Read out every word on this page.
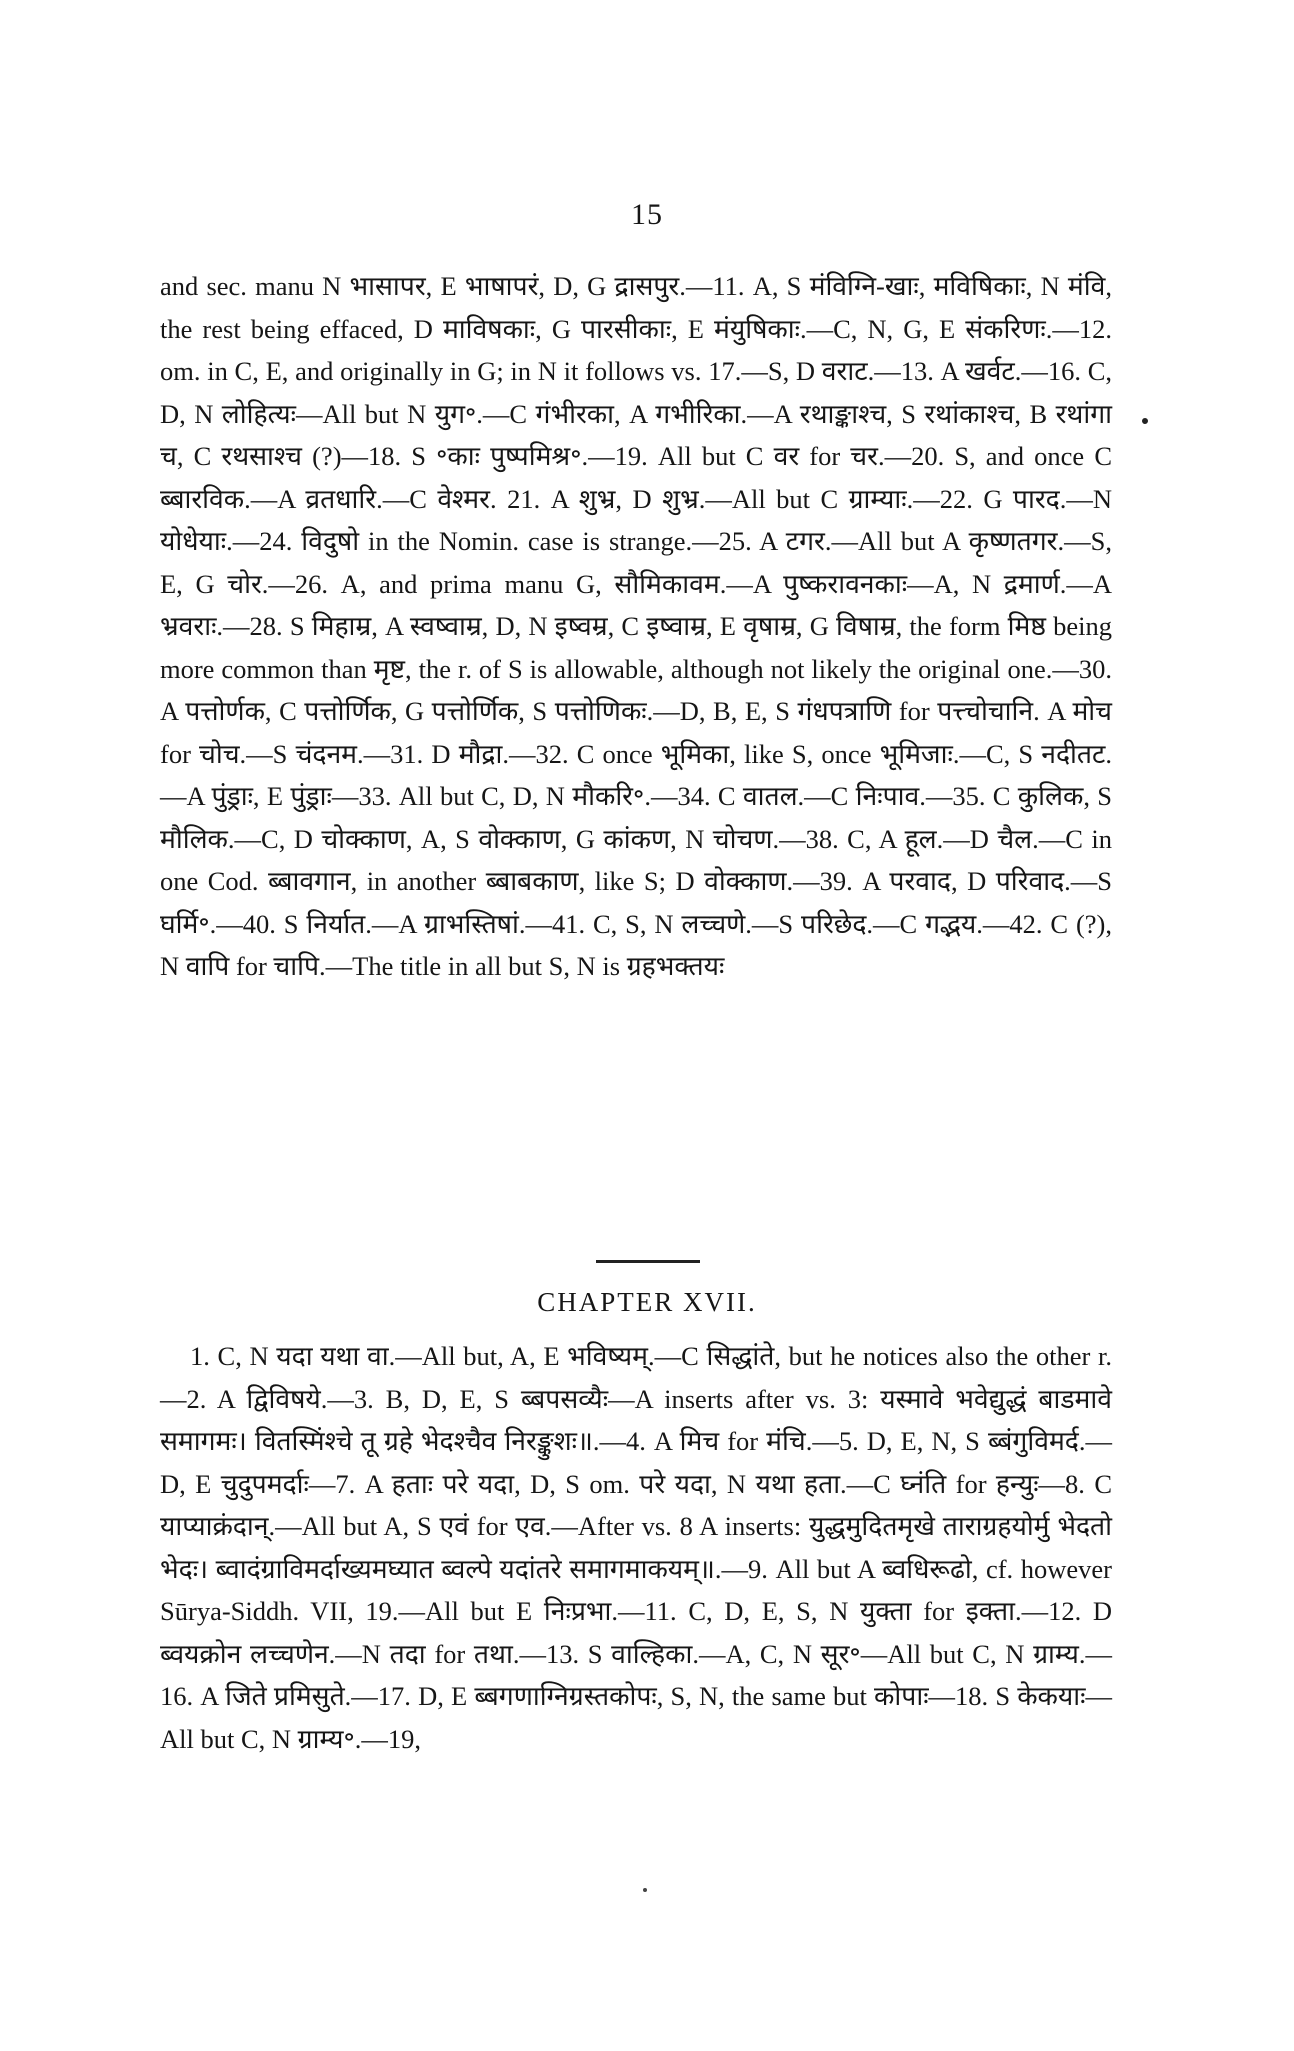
15

and sec. manu N भासापर, E भाषापरं, D, G द्रासपुर.—11. A, S मंविग्नि-खाः, मविषिकाः, N मंवि, the rest being effaced, D माविषकाः, G पारसीकाः, E मंयुषिकाः.—C, N, G, E संकरिणः.—12. om. in C, E, and originally in G; in N it follows vs. 17.—S, D वराट.—13. A खर्वट.—16. C, D, N लोहित्यः—All but N युग॰.—C गंभीरका, A गभीरिका.—A रथाङ्काश्च, S रथांकाश्च, B रथांगा च, C रथसाश्च (?)—18. S ॰काः पुष्पमिश्र॰.—19. All but C वर for चर.—20. S, and once C ब्बारविक.—A व्रतधारि.—C वेश्मर. 21. A शुभ्र, D शुभ्र.—All but C ग्राम्याः.—22. G पारद.—N योधेयाः.—24. विदुषो in the Nomin. case is strange.—25. A टगर.—All but A कृष्णतगर.—S, E, G चोर.—26. A, and prima manu G, सौमिकावम.—A पुष्करावनकाः—A, N द्रमार्ण.—A भ्रवराः.—28. S मिहाम्र, A स्वष्वाम्र, D, N इष्वम्र, C इष्वाम्र, E वृषाम्र, G विषाम्र, the form मिष्ठ being more common than मृष्ट, the r. of S is allowable, although not likely the original one.—30. A पत्तोर्णक, C पत्तोर्णिक, G पत्तोर्णिक, S पत्तोणिकः.—D, B, E, S गंधपत्राणि for पत्त्चोचानि. A मोच for चोच.—S चंदनम.—31. D मौद्रा.—32. C once भूमिका, like S, once भूमिजाः.—C, S नदीतट.—A पुंड्राः, E पुंड्राः—33. All but C, D, N मौकरि॰.—34. C वातल.—C निःपाव.—35. C कुलिक, S मौलिक.—C, D चोक्काण, A, S वोक्काण, G कांकण, N चोचण.—38. C, A हूल.—D चैल.—C in one Cod. ब्बावगान, in another ब्बाबकाण, like S; D वोक्काण.—39. A परवाद, D परिवाद.—S घर्मि॰.—40. S निर्यात.—A ग्राभस्तिषां.—41. C, S, N लच्चणे.—S परिछेद.—C गद्भय.—42. C (?), N वापि for चापि.—The title in all but S, N is ग्रहभक्तयः

CHAPTER XVII.

1. C, N यदा यथा वा.—All but, A, E भविष्यम्.—C सिद्धांते, but he notices also the other r.—2. A द्विविषये.—3. B, D, E, S ब्बपसव्यैः—A inserts after vs. 3: यस्मावे भवेद्युद्धं बाडमावे समागमः। वितस्मिंश्चे तू ग्रहे भेदश्चैव निरङ्कुशः॥.—4. A मिच for मंचि.—5. D, E, N, S ब्बंगुविमर्द.—D, E चुदुपमर्दाः—7. A हताः परे यदा, D, S om. परे यदा, N यथा हता.—C घ्नंति for हन्युः—8. C याप्याक्रंदान्.—All but A, S एवं for एव.—After vs. 8 A inserts: युद्धमुदितमृखे ताराग्रहयोर्मु भेदतो भेदः। ब्वादंग्राविमर्दाख्यमघ्यात ब्वल्पे यदांतरे समागमाकयम्॥.—9. All but A ब्वधिरूढो, cf. however Sūrya-Siddh. VII, 19.—All but E निःप्रभा.—11. C, D, E, S, N युक्ता for इक्ता.—12. D ब्वयक्रोन लच्चणेन.—N तदा for तथा.—13. S वाल्हिका.—A, C, N सूर॰—All but C, N ग्राम्य.—16. A जिते प्रमिसुते.—17. D, E ब्बगणाग्निग्रस्तकोपः, S, N, the same but कोपाः—18. S केकयाः—All but C, N ग्राम्य॰.—19,
